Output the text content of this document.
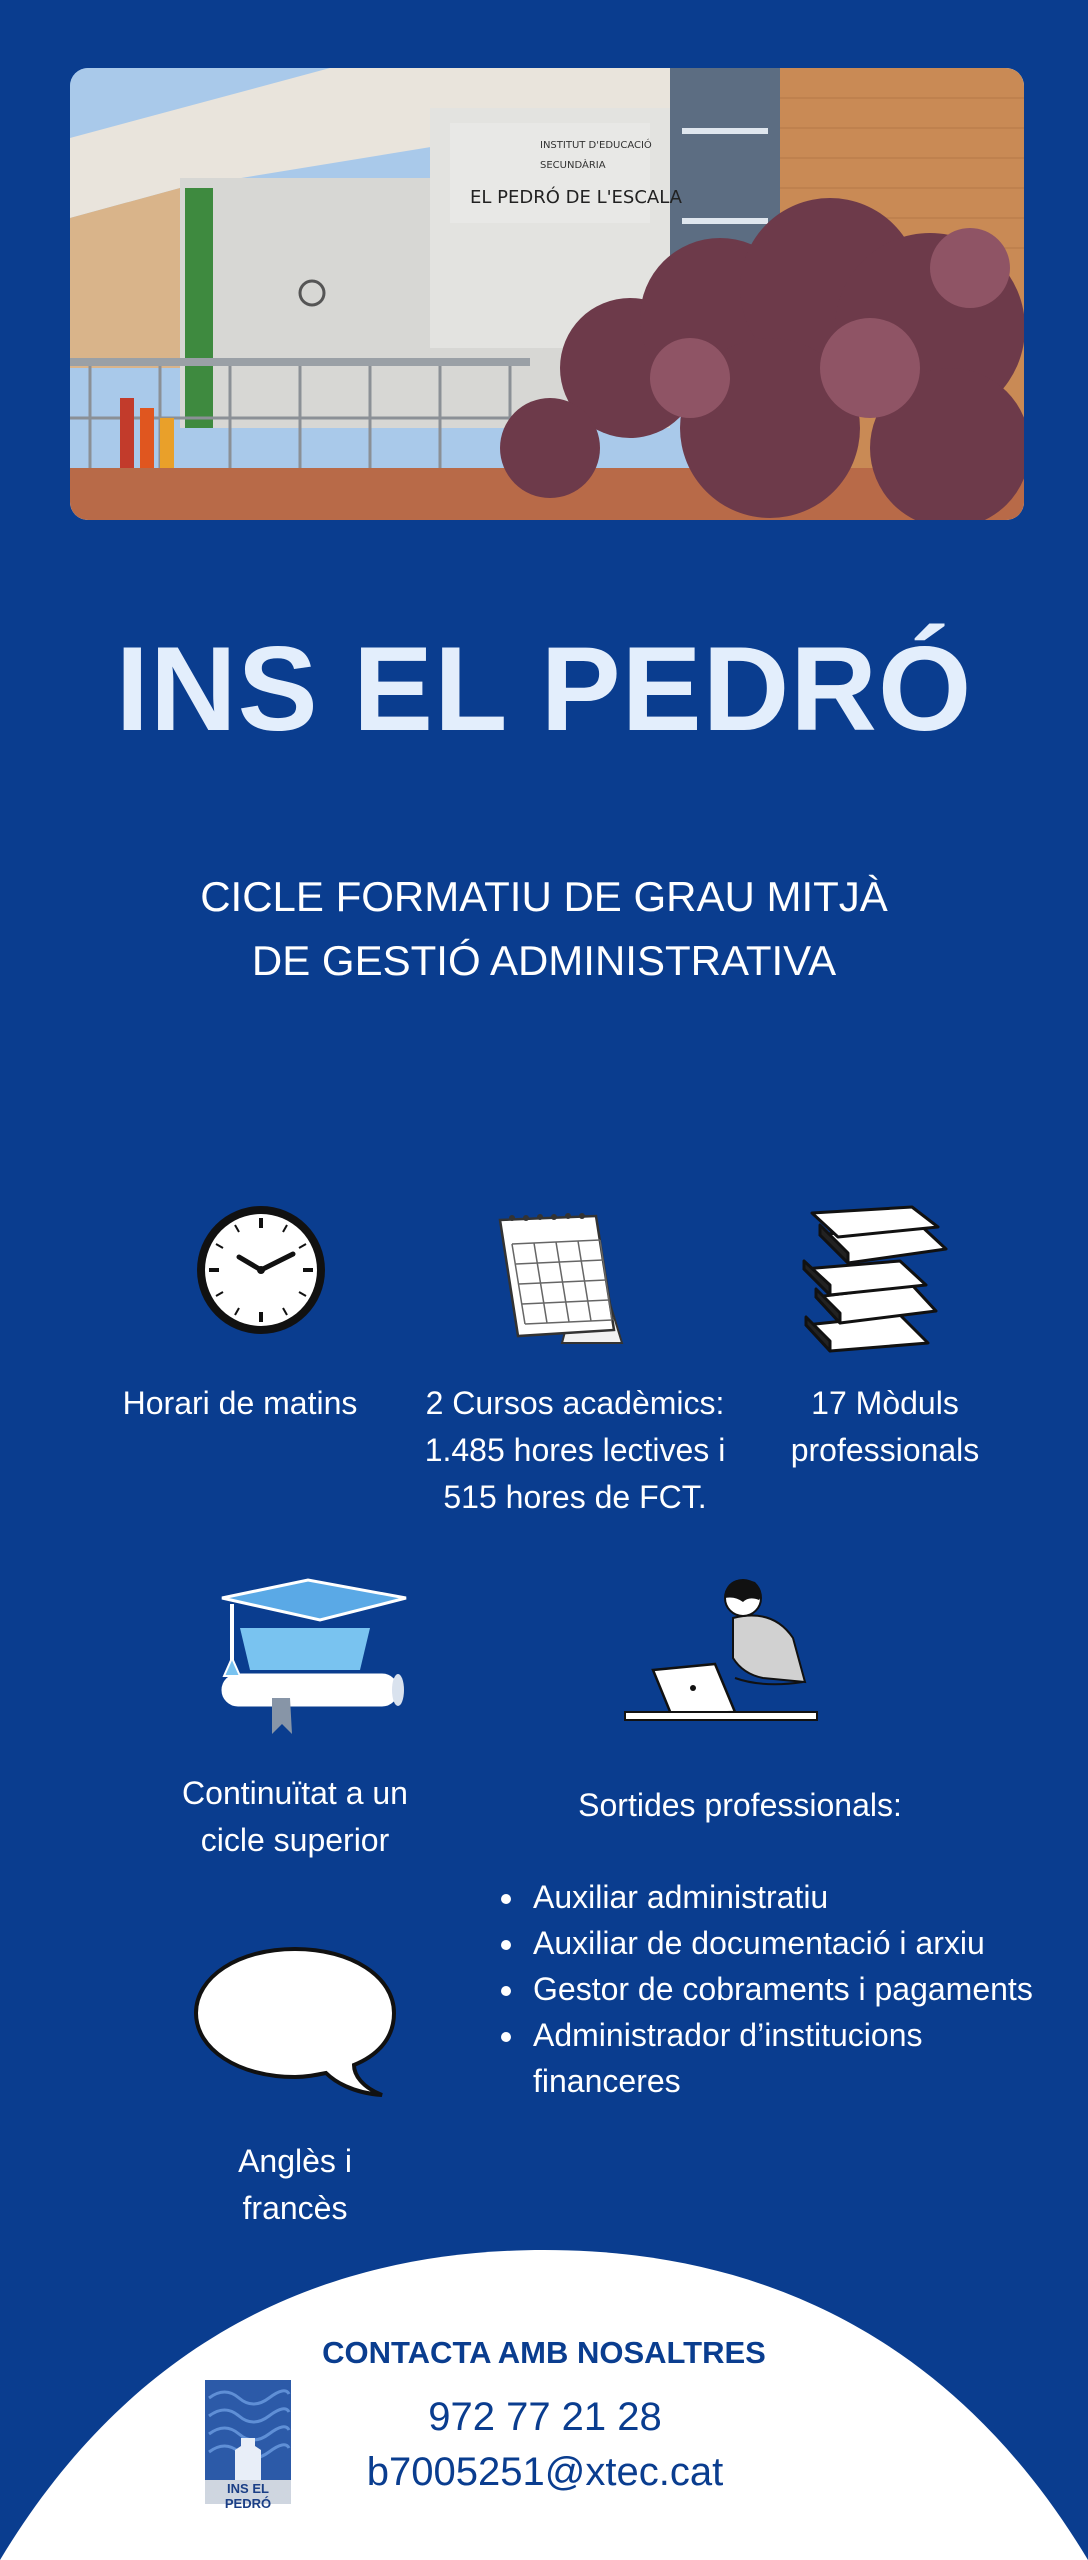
INSTITUT D'EDUCACIÓ
SECUNDÀRIA
EL PEDRÓ DE L'ESCALA
INS EL PEDRÓ
CICLE FORMATIU DE GRAU MITJÀ
DE GESTIÓ ADMINISTRATIVA
Horari de matins	2 Cursos acadèmics:
1.485 hores lectives i
515 hores de FCT.
17 Mòduls
professionals
Continuïtat a un
cicle superior
Anglès i
francès
Sortides professionals:
• Auxiliar administratiu
• Auxiliar de documentació i arxiu
• Gestor de cobraments i pagaments
• Administrador d’institucions financeres
CONTACTA AMB NOSALTRES
INS EL PEDRÓ
972 77 21 28
b7005251@xtec.cat
